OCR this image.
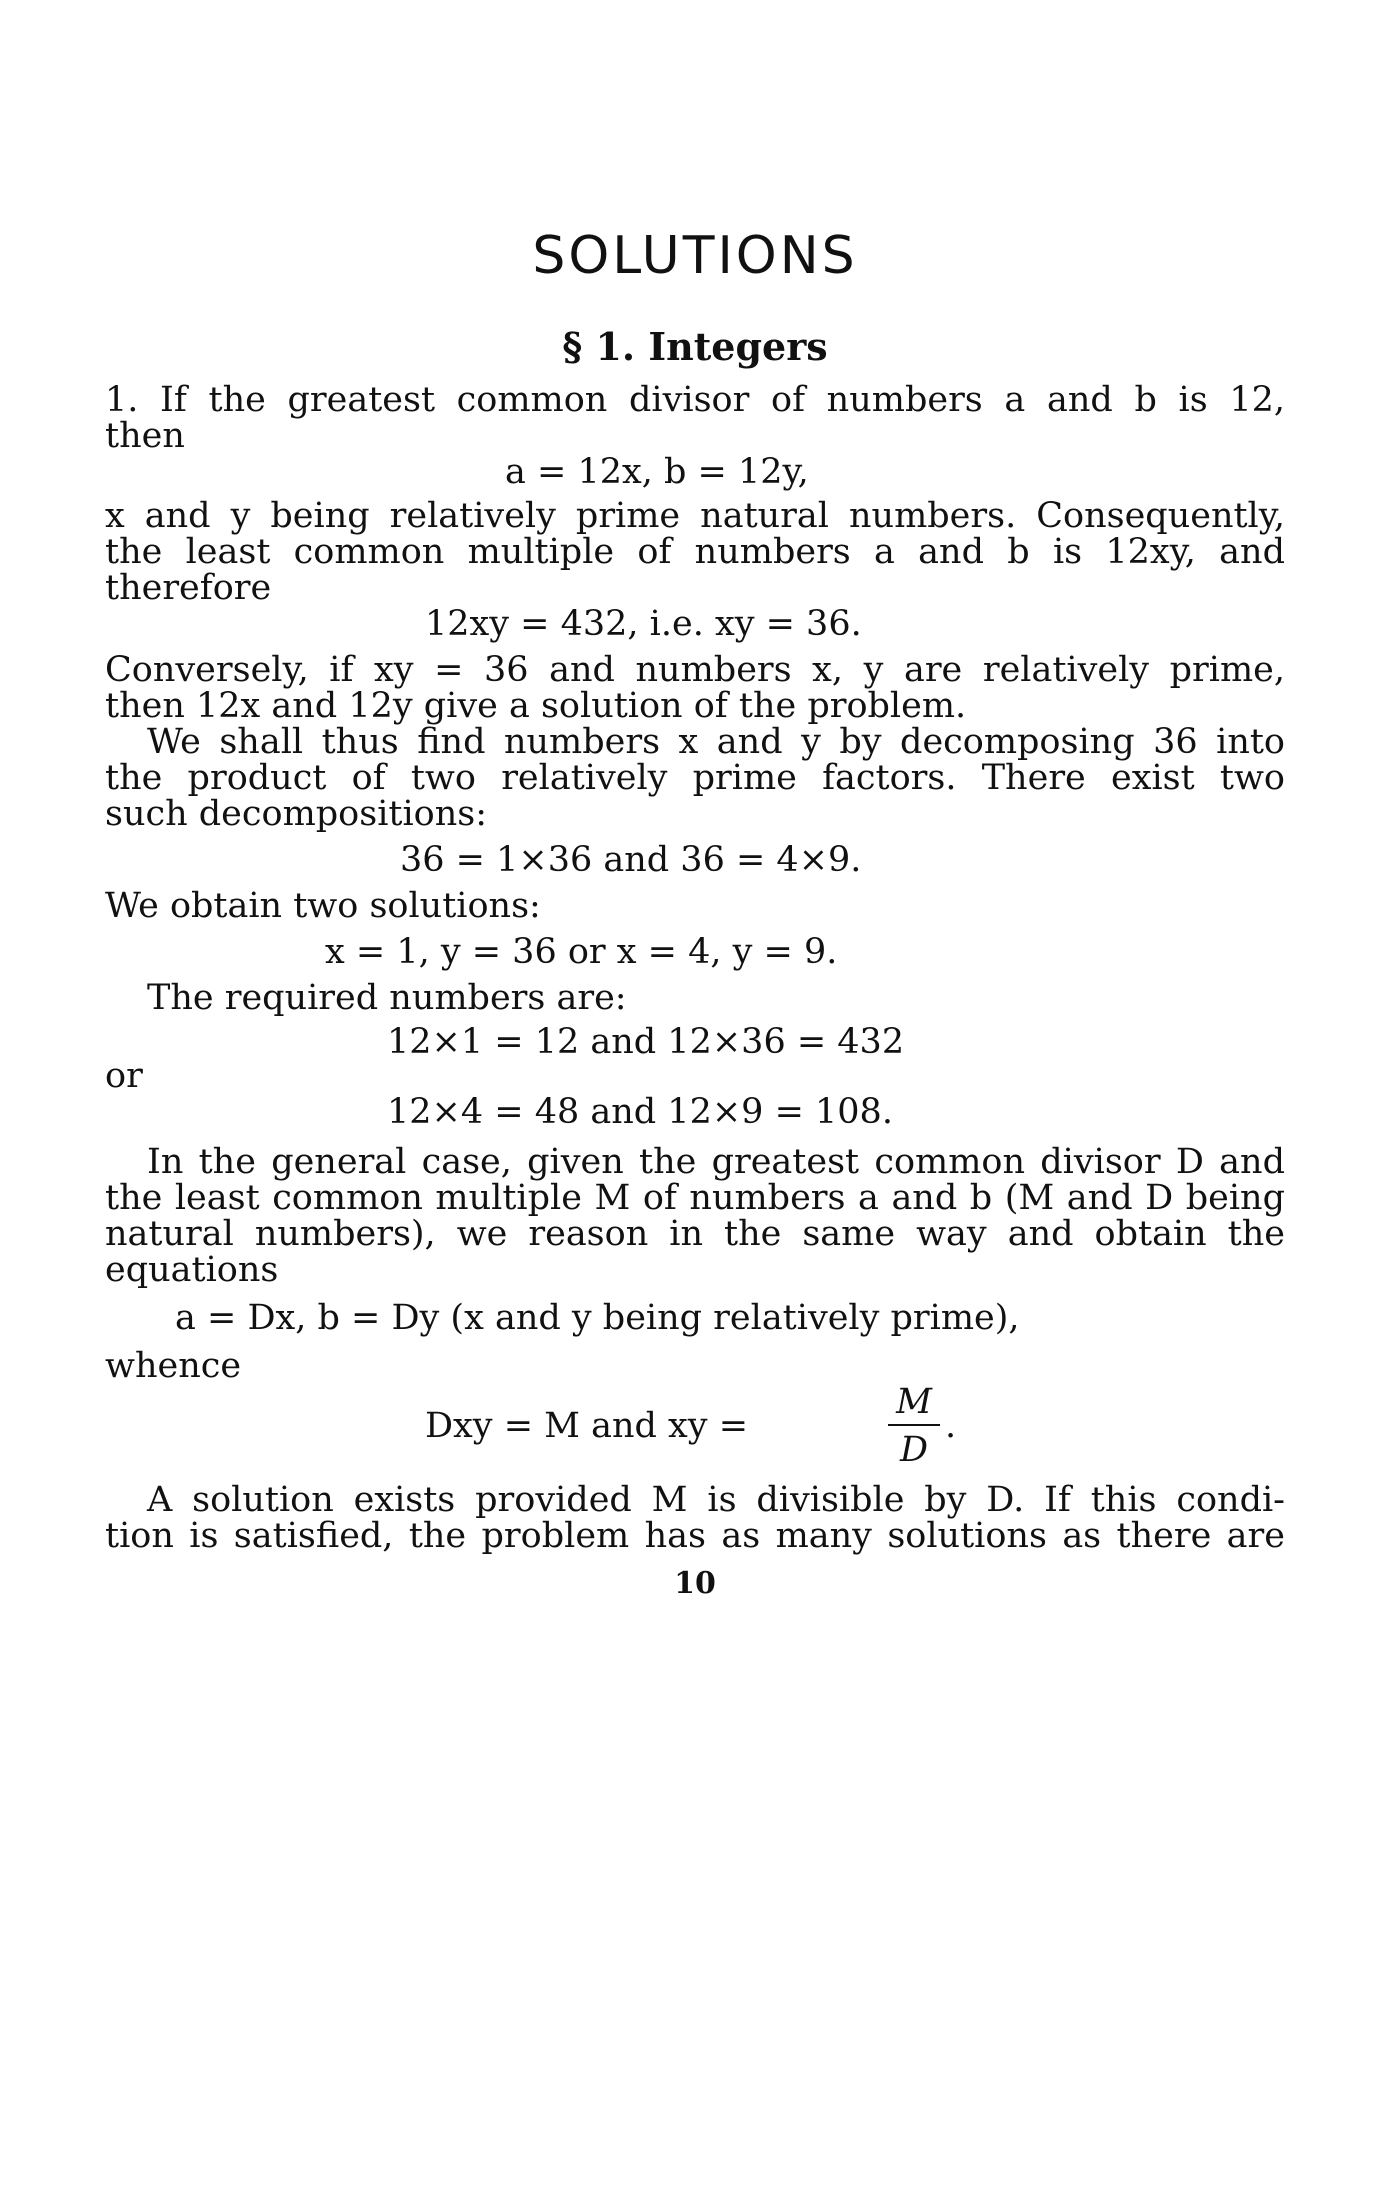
SOLUTIONS
§ 1. Integers
1. If the greatest common divisor of numbers a and b is 12,
then
a = 12x, b = 12y,
x and y being relatively prime natural numbers. Consequently,
the least common multiple of numbers a and b is 12xy, and
therefore
12xy = 432, i.e. xy = 36.
Conversely, if xy = 36 and numbers x, y are relatively prime,
then 12x and 12y give a solution of the problem.
We shall thus find numbers x and y by decomposing 36 into
the product of two relatively prime factors. There exist two
such decompositions:
36 = 1×36 and 36 = 4×9.
We obtain two solutions:
x = 1, y = 36 or x = 4, y = 9.
The required numbers are:
12×1 = 12 and 12×36 = 432
or
12×4 = 48 and 12×9 = 108.
In the general case, given the greatest common divisor D and
the least common multiple M of numbers a and b (M and D being
natural numbers), we reason in the same way and obtain the
equations
a = Dx, b = Dy (x and y being relatively prime),
whence
Dxy = M and xy =
M
D
.
A solution exists provided M is divisible by D. If this condi-
tion is satisfied, the problem has as many solutions as there are
10
